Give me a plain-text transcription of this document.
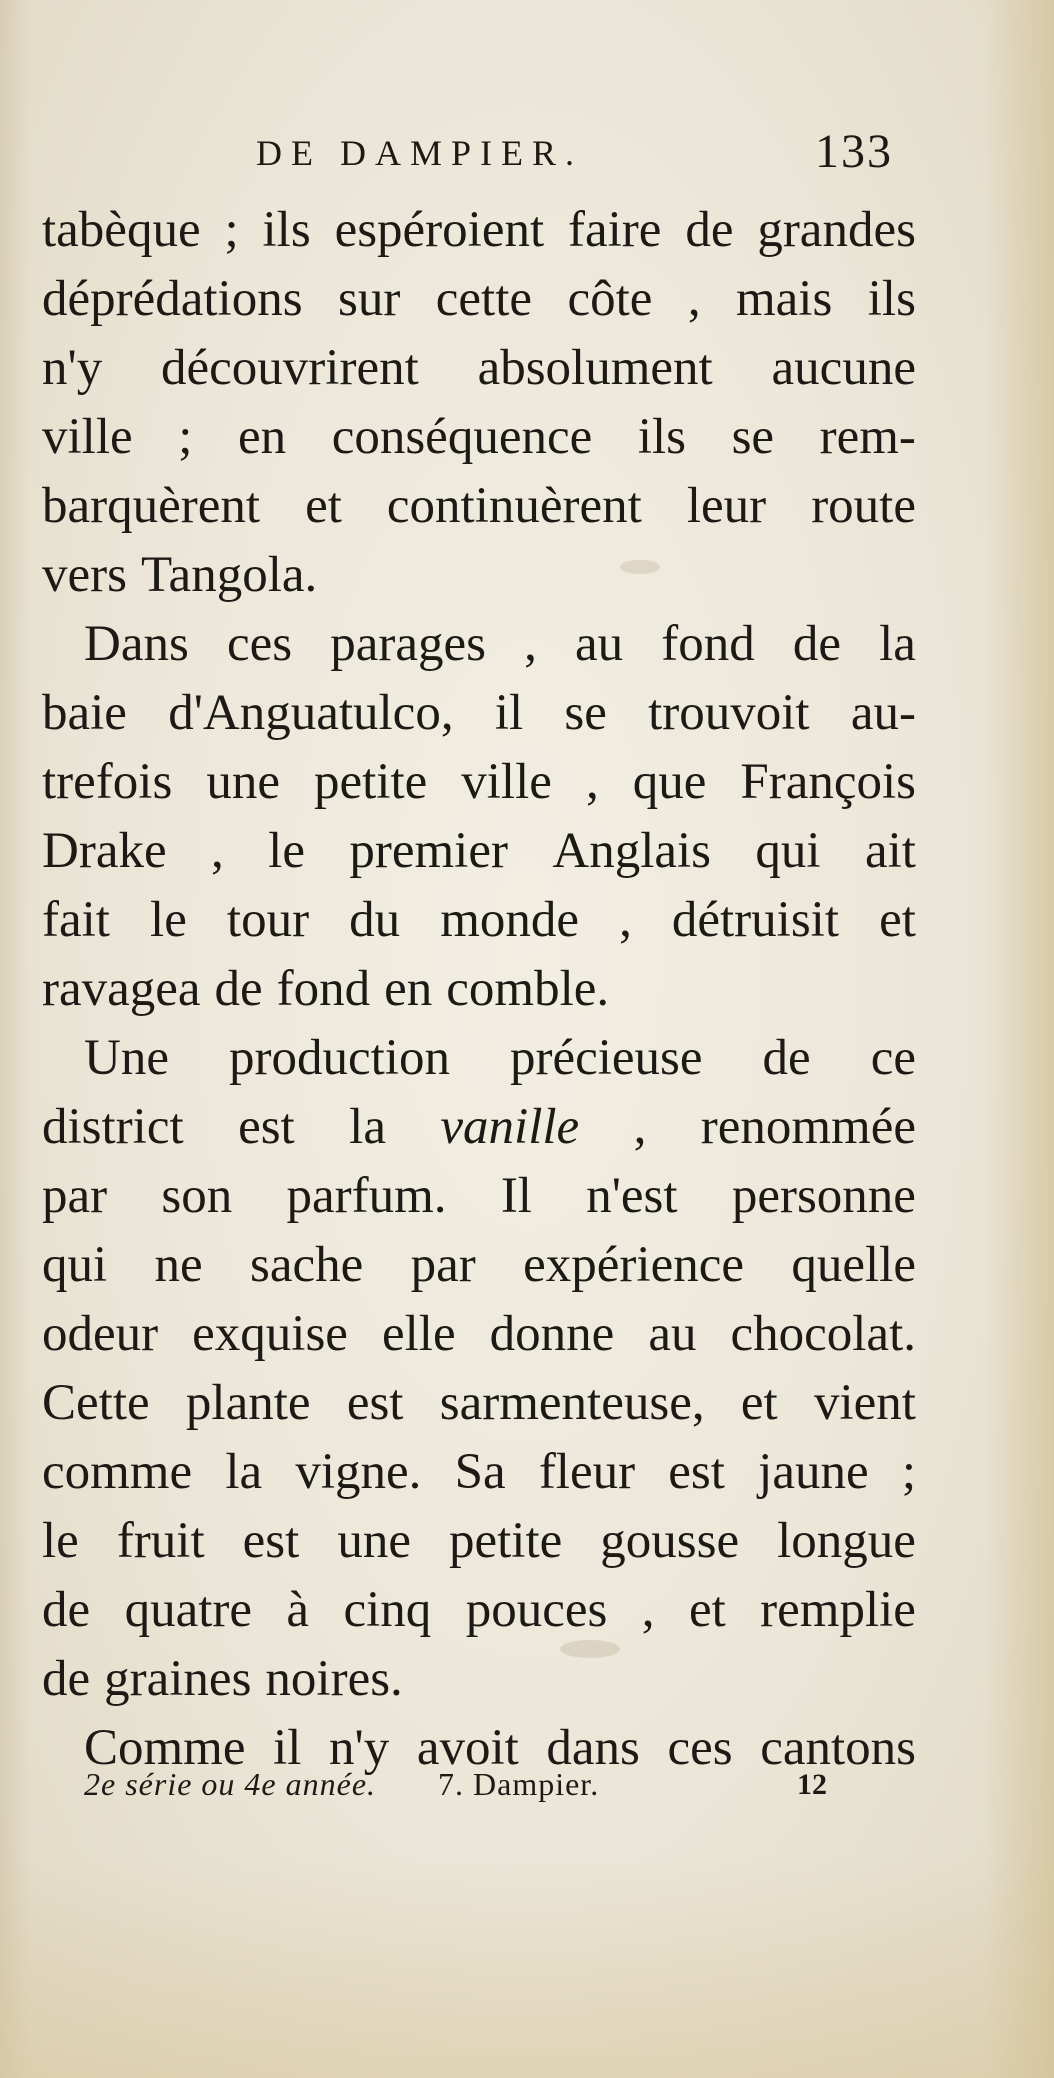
DE DAMPIER.	133
tabèque ; ils espéroient faire de grandes
déprédations sur cette côte , mais ils
n'y découvrirent absolument aucune
ville ; en conséquence ils se rem-
barquèrent et continuèrent leur route
vers Tangola.
Dans ces parages , au fond de la
baie d'Anguatulco, il se trouvoit au-
trefois une petite ville , que François
Drake , le premier Anglais qui ait
fait le tour du monde , détruisit et
ravagea de fond en comble.
Une production précieuse de ce
district est la vanille , renommée
par son parfum. Il n'est personne
qui ne sache par expérience quelle
odeur exquise elle donne au chocolat.
Cette plante est sarmenteuse, et vient
comme la vigne. Sa fleur est jaune ;
le fruit est une petite gousse longue
de quatre à cinq pouces , et remplie
de graines noires.
Comme il n'y avoit dans ces cantons
2e série ou 4e année. 7. Dampier.	12
